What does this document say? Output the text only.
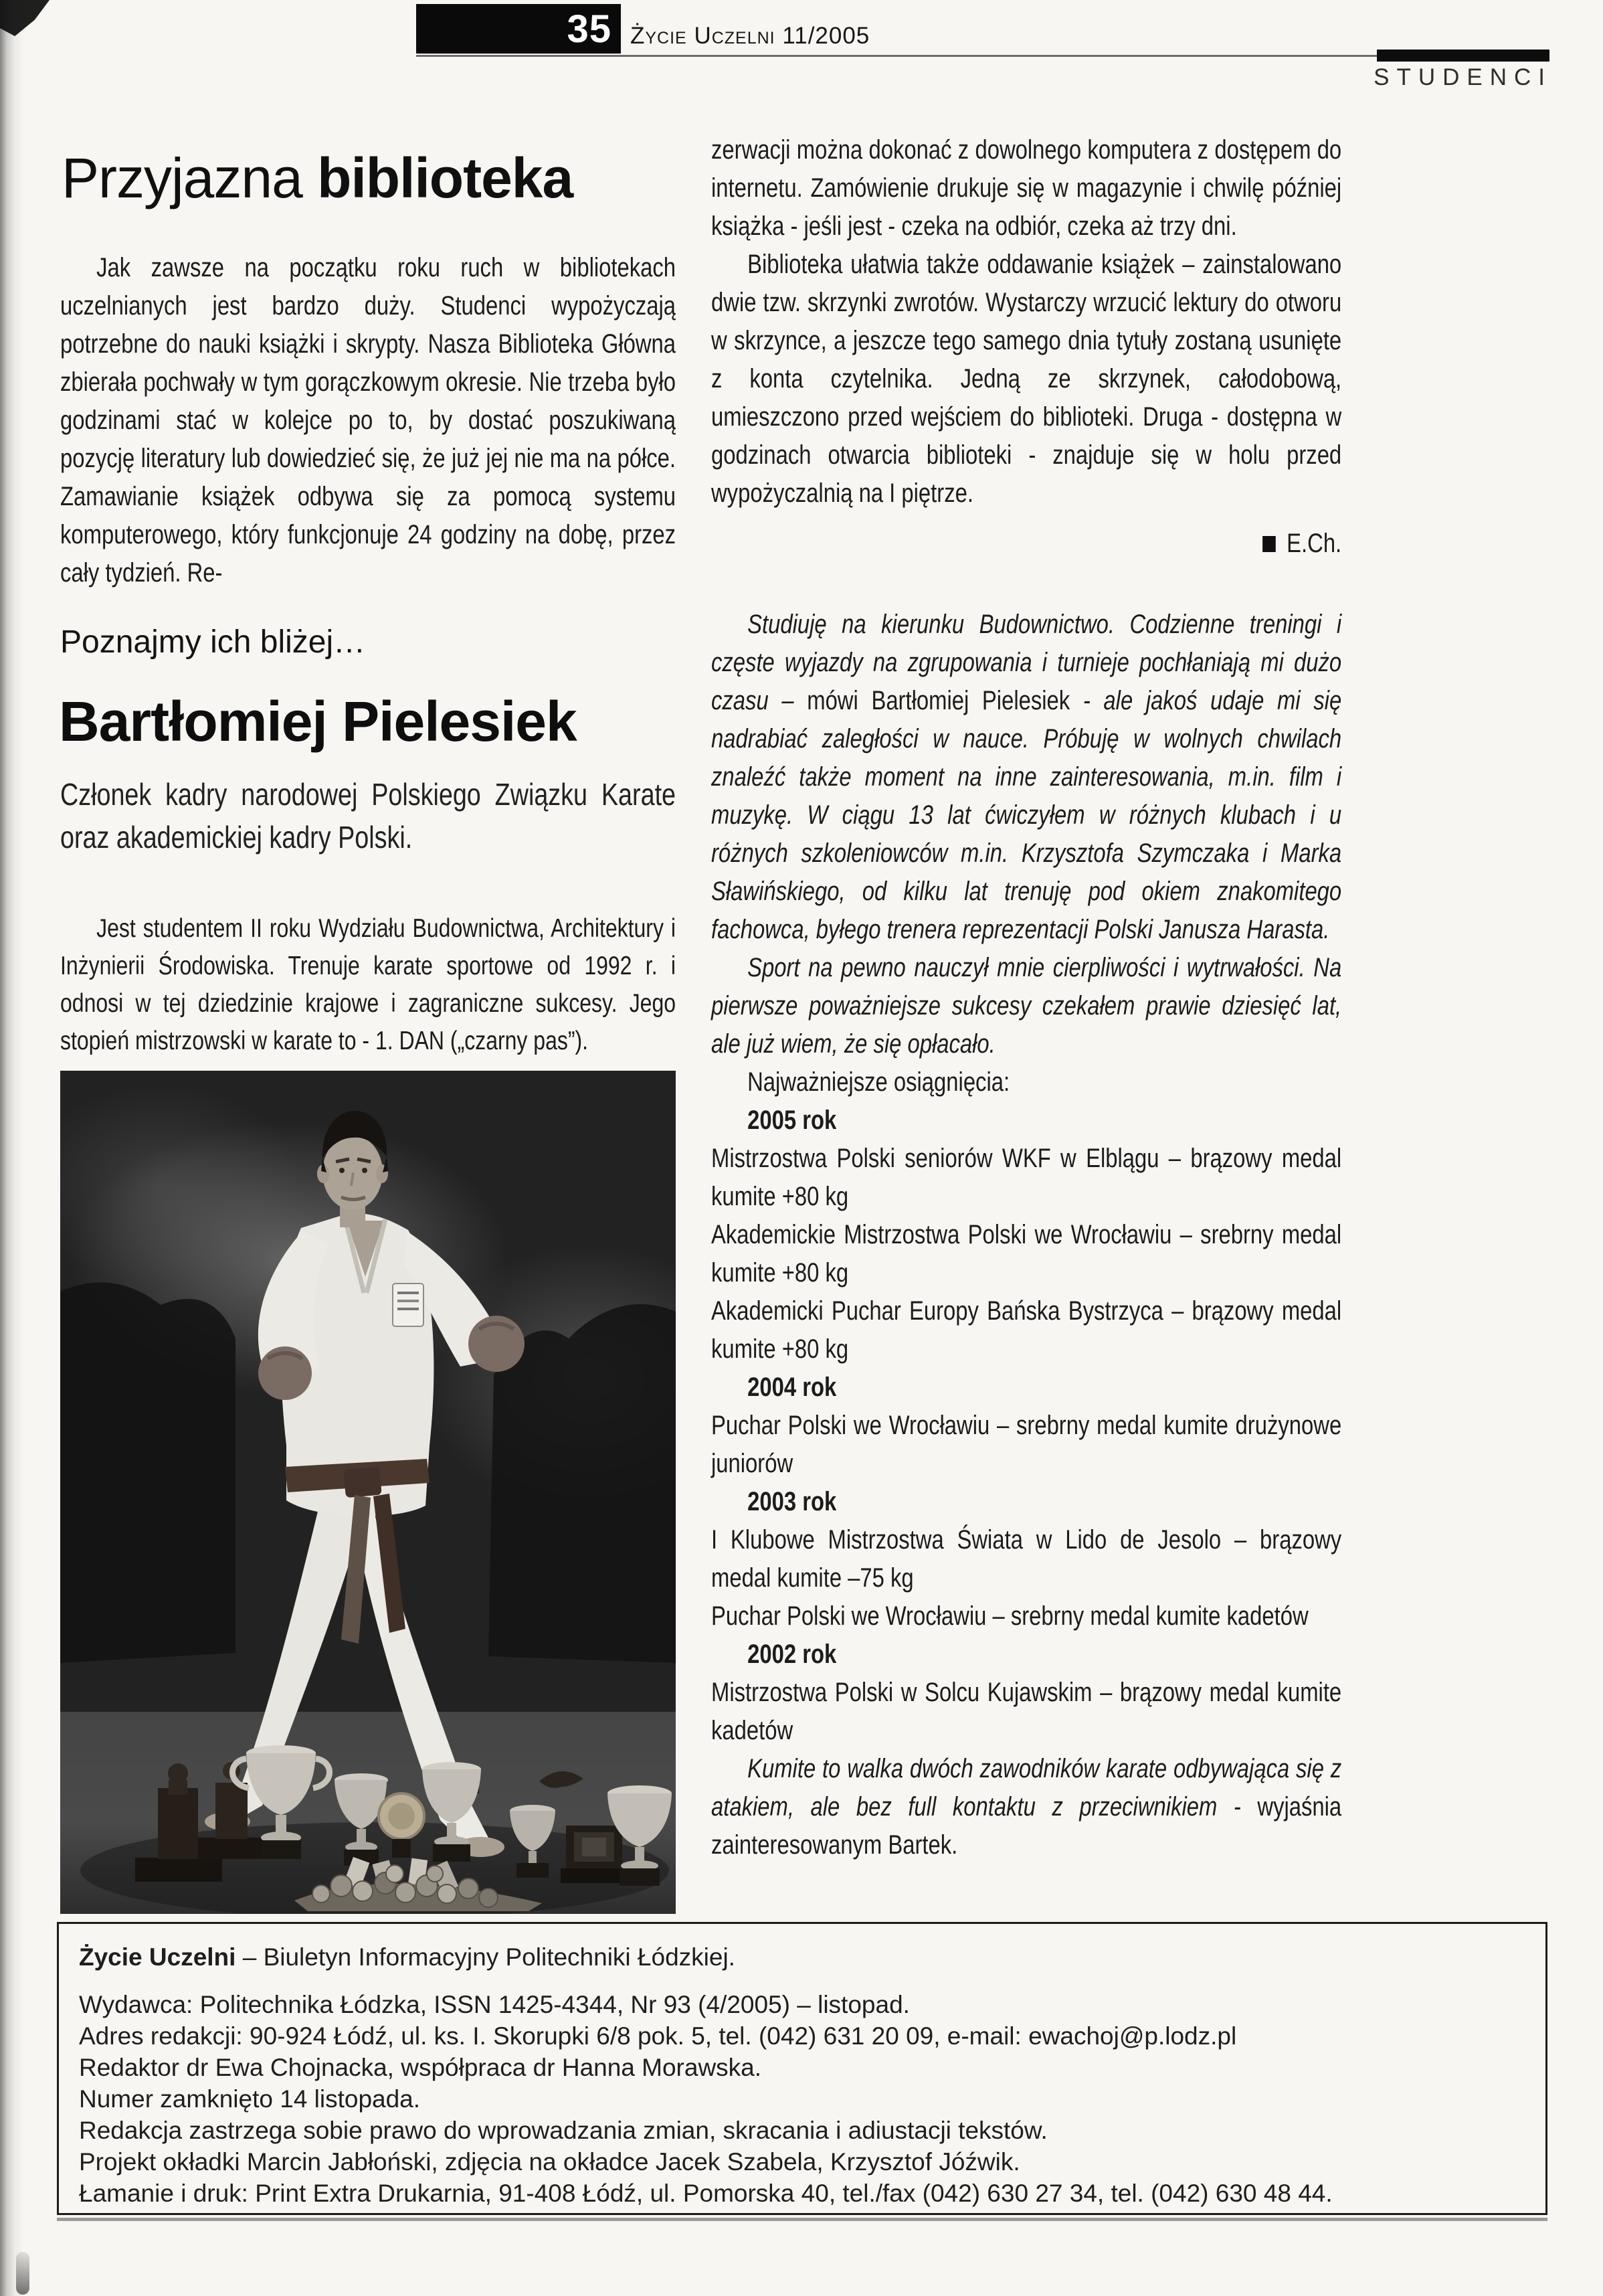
35 Życie Uczelni 11/2005
STUDENCI
Przyjazna biblioteka

Jak zawsze na początku roku ruch w bibliotekach uczelnianych jest bardzo duży. Studenci wypożyczają potrzebne do nauki książki i skrypty. Nasza Biblioteka Główna zbierała pochwały w tym gorączkowym okresie. Nie trzeba było godzinami stać w kolejce po to, by dostać poszukiwaną pozycję literatury lub dowiedzieć się, że już jej nie ma na półce. Zamawianie książek odbywa się za pomocą systemu komputerowego, który funkcjonuje 24 godziny na dobę, przez cały tydzień. Re-

zerwacji można dokonać z dowolnego komputera z dostępem do internetu. Zamówienie drukuje się w magazynie i chwilę później książka - jeśli jest - czeka na odbiór, czeka aż trzy dni.

Biblioteka ułatwia także oddawanie książek – zainstalowano dwie tzw. skrzynki zwrotów. Wystarczy wrzucić lektury do otworu w skrzynce, a jeszcze tego samego dnia tytuły zostaną usunięte z konta czytelnika. Jedną ze skrzynek, całodobową, umieszczono przed wejściem do biblioteki. Druga - dostępna w godzinach otwarcia biblioteki - znajduje się w holu przed wypożyczalnią na I piętrze.

E.Ch.
Poznajmy ich bliżej…
Bartłomiej Pielesiek
Członek kadry narodowej Polskiego Związku Karate oraz akademickiej kadry Polski.

Jest studentem II roku Wydziału Budownictwa, Architektury i Inżynierii Środowiska. Trenuje karate sportowe od 1992 r. i odnosi w tej dziedzinie krajowe i zagraniczne sukcesy. Jego stopień mistrzowski w karate to - 1. DAN („czarny pas”).

Studiuję na kierunku Budownictwo. Codzienne treningi i częste wyjazdy na zgrupowania i turnieje pochłaniają mi dużo czasu – mówi Bartłomiej Pielesiek - ale jakoś udaje mi się nadrabiać zaległości w nauce. Próbuję w wolnych chwilach znaleźć także moment na inne zainteresowania, m.in. film i muzykę. W ciągu 13 lat ćwiczyłem w różnych klubach i u różnych szkoleniowców m.in. Krzysztofa Szymczaka i Marka Sławińskiego, od kilku lat trenuję pod okiem znakomitego fachowca, byłego trenera reprezentacji Polski Janusza Harasta.

Sport na pewno nauczył mnie cierpliwości i wytrwałości. Na pierwsze poważniejsze sukcesy czekałem prawie dziesięć lat, ale już wiem, że się opłacało.

Najważniejsze osiągnięcia:

2005 rok

Mistrzostwa Polski seniorów WKF w Elblągu – brązowy medal kumite +80 kg

Akademickie Mistrzostwa Polski we Wrocławiu – srebrny medal kumite +80 kg

Akademicki Puchar Europy Bańska Bystrzyca – brązowy medal kumite +80 kg

2004 rok

Puchar Polski we Wrocławiu – srebrny medal kumite drużynowe juniorów

2003 rok

I Klubowe Mistrzostwa Świata w Lido de Jesolo – brązowy medal kumite –75 kg

Puchar Polski we Wrocławiu – srebrny medal kumite kadetów

2002 rok

Mistrzostwa Polski w Solcu Kujawskim – brązowy medal kumite kadetów

Kumite to walka dwóch zawodników karate odbywająca się z atakiem, ale bez full kontaktu z przeciwnikiem - wyjaśnia zainteresowanym Bartek.

Życie Uczelni – Biuletyn Informacyjny Politechniki Łódzkiej.
Wydawca: Politechnika Łódzka, ISSN 1425-4344, Nr 93 (4/2005) – listopad.
Adres redakcji: 90-924 Łódź, ul. ks. I. Skorupki 6/8 pok. 5, tel. (042) 631 20 09, e-mail: ewachoj@p.lodz.pl
Redaktor dr Ewa Chojnacka, współpraca dr Hanna Morawska.
Numer zamknięto 14 listopada.
Redakcja zastrzega sobie prawo do wprowadzania zmian, skracania i adiustacji tekstów.
Projekt okładki Marcin Jabłoński, zdjęcia na okładce Jacek Szabela, Krzysztof Jóźwik.
Łamanie i druk: Print Extra Drukarnia, 91-408 Łódź, ul. Pomorska 40, tel./fax (042) 630 27 34, tel. (042) 630 48 44.
